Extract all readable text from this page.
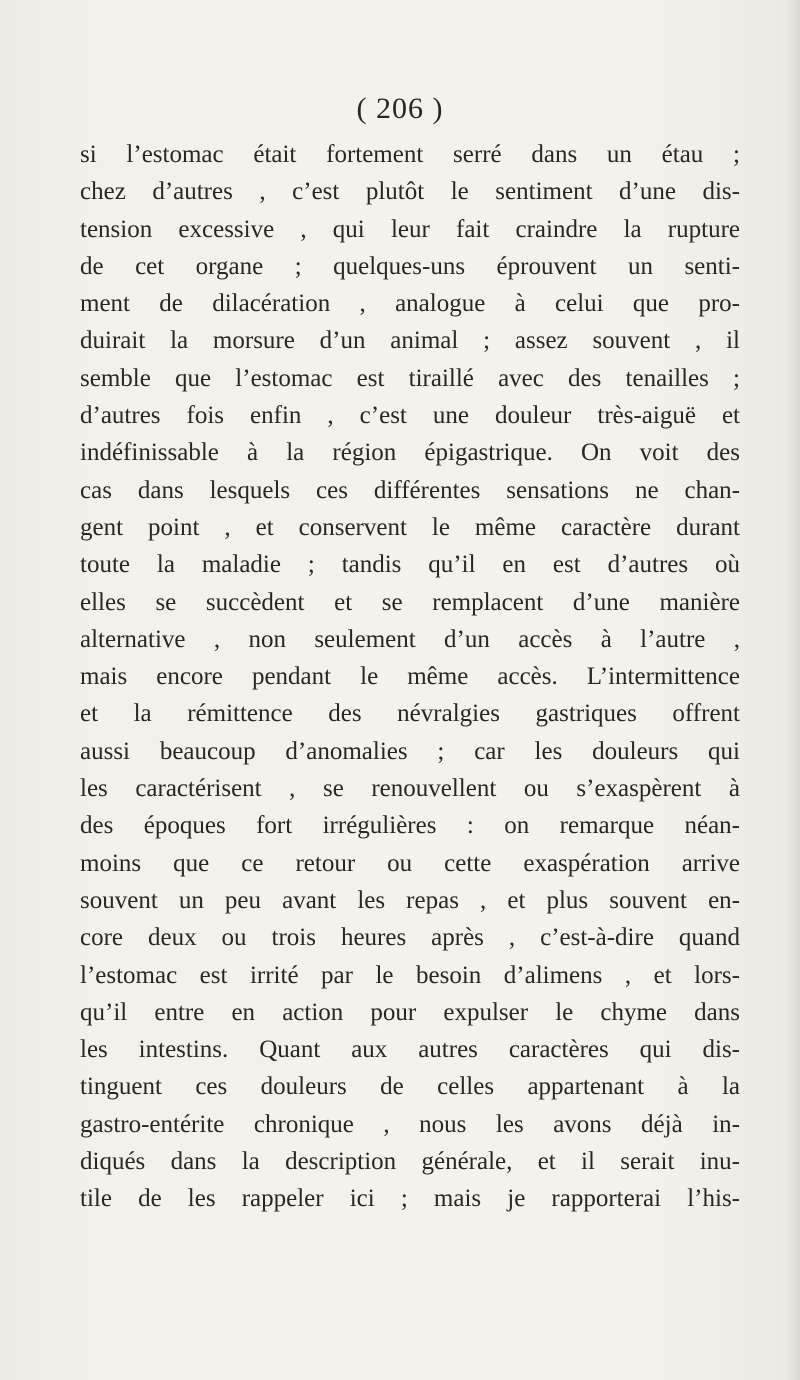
( 206 )
si l’estomac était fortement serré dans un étau ;
chez d’autres , c’est plutôt le sentiment d’une dis-
tension excessive , qui leur fait craindre la rupture
de cet organe ; quelques-uns éprouvent un senti-
ment de dilacération , analogue à celui que pro-
duirait la morsure d’un animal ; assez souvent , il
semble que l’estomac est tiraillé avec des tenailles ;
d’autres fois enfin , c’est une douleur très-aiguë et
indéfinissable à la région épigastrique. On voit des
cas dans lesquels ces différentes sensations ne chan-
gent point , et conservent le même caractère durant
toute la maladie ; tandis qu’il en est d’autres où
elles se succèdent et se remplacent d’une manière
alternative , non seulement d’un accès à l’autre ,
mais encore pendant le même accès. L’intermittence
et la rémittence des névralgies gastriques offrent
aussi beaucoup d’anomalies ; car les douleurs qui
les caractérisent , se renouvellent ou s’exaspèrent à
des époques fort irrégulières : on remarque néan-
moins que ce retour ou cette exaspération arrive
souvent un peu avant les repas , et plus souvent en-
core deux ou trois heures après , c’est-à-dire quand
l’estomac est irrité par le besoin d’alimens , et lors-
qu’il entre en action pour expulser le chyme dans
les intestins. Quant aux autres caractères qui dis-
tinguent ces douleurs de celles appartenant à la
gastro-entérite chronique , nous les avons déjà in-
diqués dans la description générale, et il serait inu-
tile de les rappeler ici ; mais je rapporterai l’his-
